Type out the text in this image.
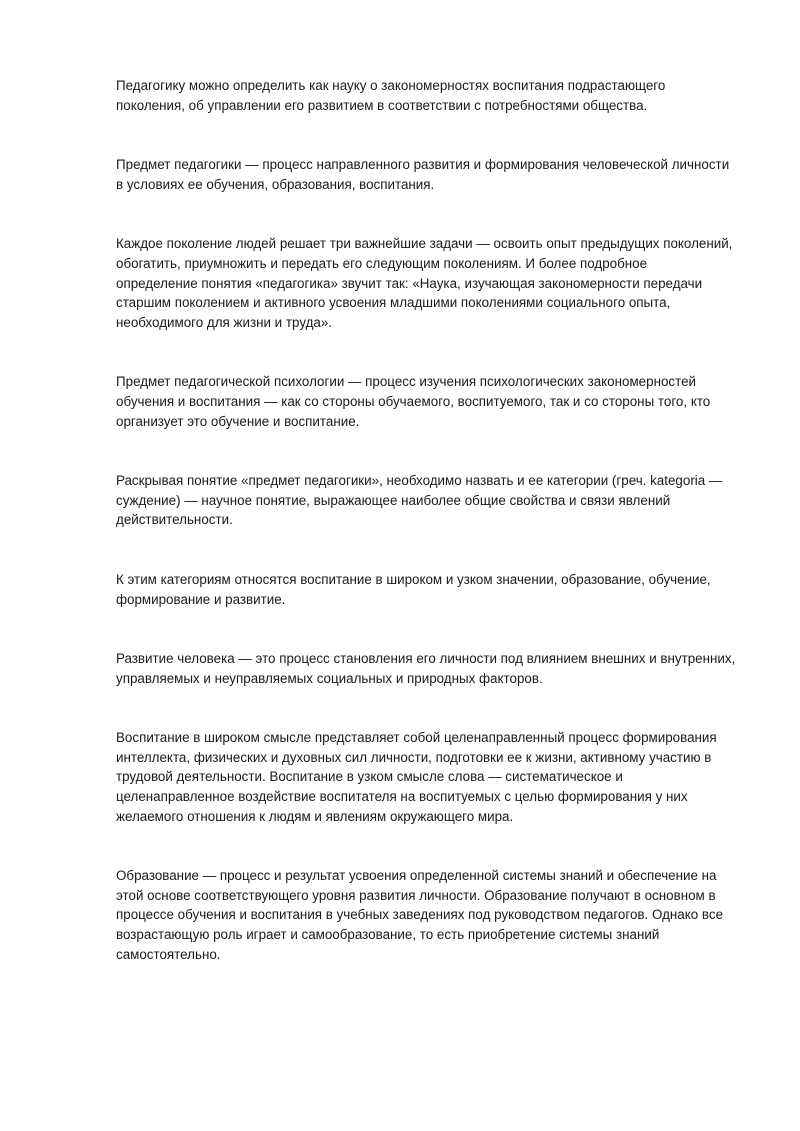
Педагогику можно определить как науку о закономерностях воспитания подрастающего
поколения, об управлении его развитием в соответствии с потребностями общества.

Предмет педагогики — процесс направленного развития и формирования человеческой личности
в условиях ее обучения, образования, воспитания.

Каждое поколение людей решает три важнейшие задачи — освоить опыт предыдущих поколений,
обогатить, приумножить и передать его следующим поколениям. И более подробное
определение понятия «педагогика» звучит так: «Наука, изучающая закономерности передачи
старшим поколением и активного усвоения младшими поколениями социального опыта,
необходимого для жизни и труда».

Предмет педагогической психологии — процесс изучения психологических закономерностей
обучения и воспитания — как со стороны обучаемого, воспитуемого, так и со стороны того, кто
организует это обучение и воспитание.

Раскрывая понятие «предмет педагогики», необходимо назвать и ее категории (греч. kategoria —
суждение) — научное понятие, выражающее наиболее общие свойства и связи явлений
действительности.

К этим категориям относятся воспитание в широком и узком значении, образование, обучение,
формирование и развитие.

Развитие человека — это процесс становления его личности под влиянием внешних и внутренних,
управляемых и неуправляемых социальных и природных факторов.

Воспитание в широком смысле представляет собой целенаправленный процесс формирования
интеллекта, физических и духовных сил личности, подготовки ее к жизни, активному участию в
трудовой деятельности. Воспитание в узком смысле слова — систематическое и
целенаправленное воздействие воспитателя на воспитуемых с целью формирования у них
желаемого отношения к людям и явлениям окружающего мира.

Образование — процесс и результат усвоения определенной системы знаний и обеспечение на
этой основе соответствующего уровня развития личности. Образование получают в основном в
процессе обучения и воспитания в учебных заведениях под руководством педагогов. Однако все
возрастающую роль играет и самообразование, то есть приобретение системы знаний
самостоятельно.
